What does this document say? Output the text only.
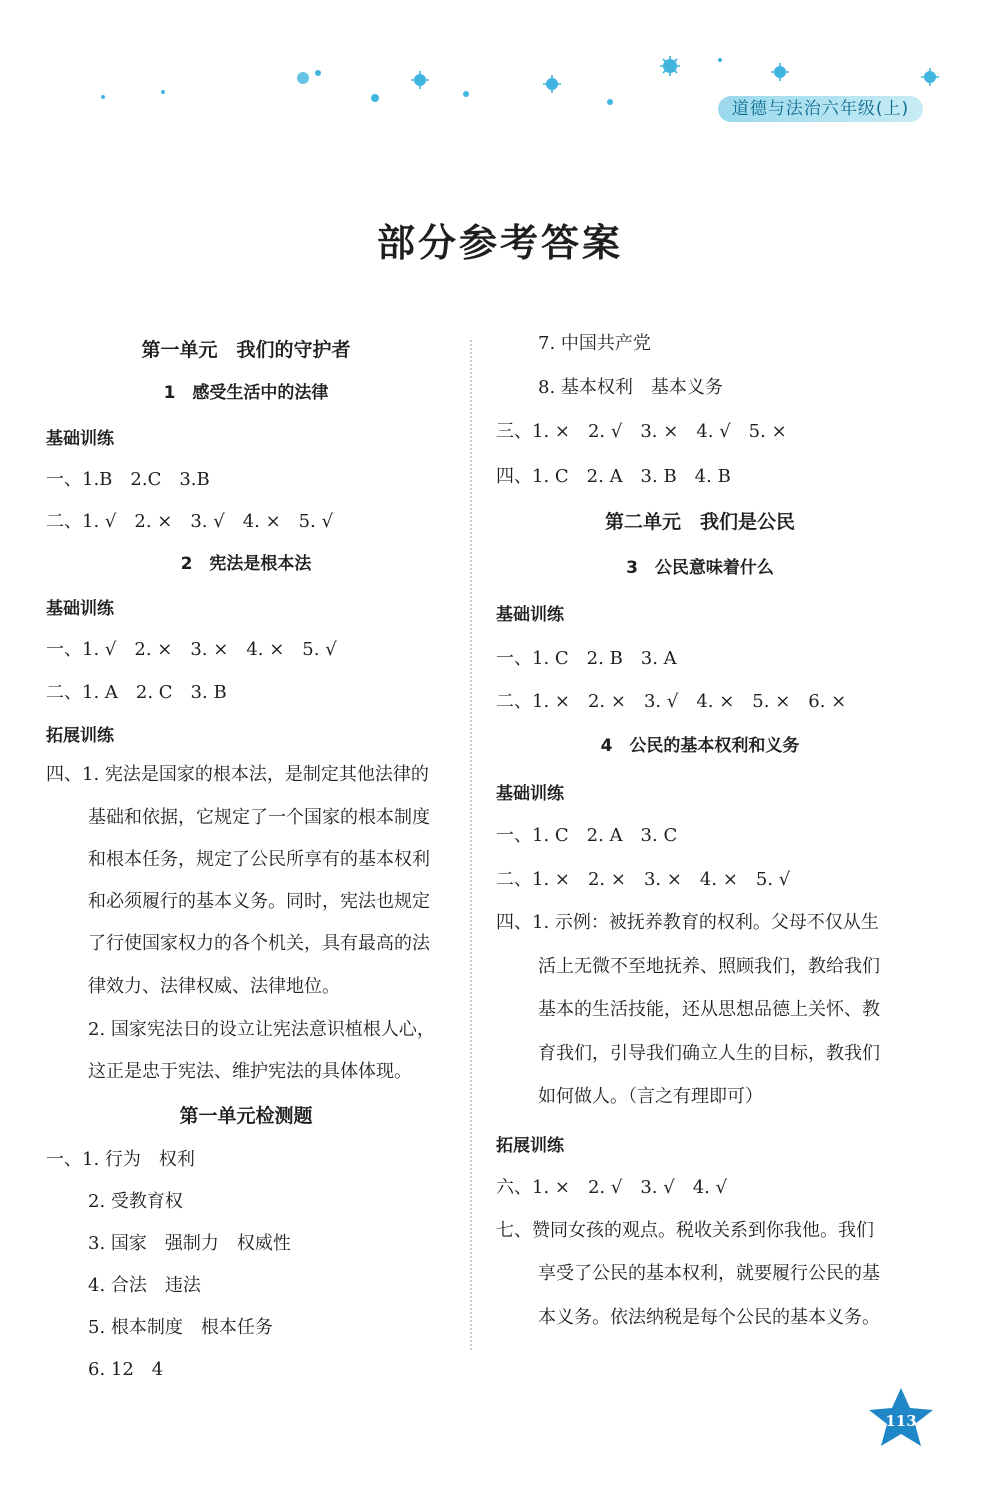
道德与法治六年级(上)
部分参考答案
第一单元　我们的守护者
1　感受生活中的法律
基础训练
一、1.B　2.C　3.B
二、1. √　2. ×　3. √　4. ×　5. √
2　宪法是根本法
基础训练
一、1. √　2. ×　3. ×　4. ×　5. √
二、1. A　2. C　3. B
拓展训练
四、1. 宪法是国家的根本法，是制定其他法律的
基础和依据，它规定了一个国家的根本制度
和根本任务，规定了公民所享有的基本权利
和必须履行的基本义务。同时，宪法也规定
了行使国家权力的各个机关，具有最高的法
律效力、法律权威、法律地位。
2. 国家宪法日的设立让宪法意识植根人心，
这正是忠于宪法、维护宪法的具体体现。
第一单元检测题
一、1. 行为　权利
2. 受教育权
3. 国家　强制力　权威性
4. 合法　违法
5. 根本制度　根本任务
6. 12　4
7. 中国共产党
8. 基本权利　基本义务
三、1. ×　2. √　3. ×　4. √　5. ×
四、1. C　2. A　3. B　4. B
第二单元　我们是公民
3　公民意味着什么
基础训练
一、1. C　2. B　3. A
二、1. ×　2. ×　3. √　4. ×　5. ×　6. ×
4　公民的基本权利和义务
基础训练
一、1. C　2. A　3. C
二、1. ×　2. ×　3. ×　4. ×　5. √
四、1. 示例：被抚养教育的权利。父母不仅从生
活上无微不至地抚养、照顾我们，教给我们
基本的生活技能，还从思想品德上关怀、教
育我们，引导我们确立人生的目标，教我们
如何做人。（言之有理即可）
拓展训练
六、1. ×　2. √　3. √　4. √
七、赞同女孩的观点。税收关系到你我他。我们
享受了公民的基本权利，就要履行公民的基
本义务。依法纳税是每个公民的基本义务。
113
